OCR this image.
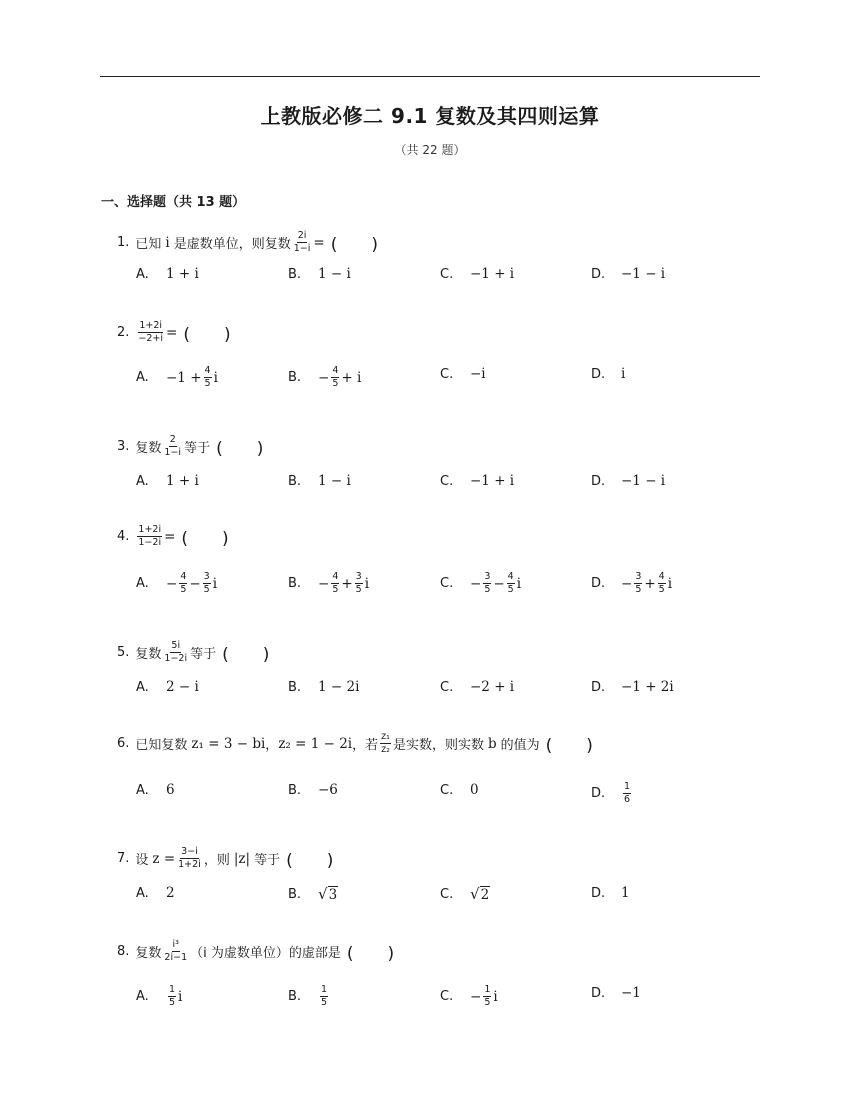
上教版必修二 9.1 复数及其四则运算
（共 22 题）
一、选择题（共 13 题）
1. 已知 i 是虚数单位，则复数 $\frac{2i}{1-i}$ = (　　)
A.	1 + i	B.	1 − i	C.	−1 + i	D.	−1 − i
2. $\frac{1+2i}{-2+i}$ = (　　)
A.	$-1 + \frac{4}{5}$ i	B.	− $\frac{4}{5} + i$	C.	−i	D.	i
3. 复数 $\frac{2}{1-i}$ 等于 (　　)
A.	1 + i	B.	1 − i	C.	−1 + i	D.	−1 − i
4. $\frac{1+2i}{1-2i}$ = (　　)
A.	− $\frac{4}{5} - \frac{3}{5}$ i	B.	− $\frac{4}{5} + \frac{3}{5}$ i	C.	− $\frac{3}{5} - \frac{4}{5}$ i	D.	− $\frac{3}{5} + \frac{4}{5}$ i
5. 复数 $\frac{5i}{1-2i}$ 等于 (　　)
A.	2 − i	B.	1 − 2i	C.	−2 + i	D.	−1 + 2i
6. 已知复数 z₁ = 3 − bi ， z₂ = 1 − 2i ，若 $\frac{\text{z₁}}{\text{z₂}}$ 是实数，则实数 b 的值为 (　　)
A.	6	B.	−6	C.	0	D.	$\frac{1}{6}$
7. 设 $z = \frac{3-i}{1+2i}$ ，则 |z| 等于 (　　)
A.	2	B.	√ 3	C.	√ 2	D.	1
8. 复数 $\frac{\text{i³}}{2i-1} (i$ 为虚数单位）的虚部是 (　　)
A.	$\frac{1}{5}$ i	B.	$\frac{1}{5}$	C.	− $\frac{1}{5}$ i	D.	−1
